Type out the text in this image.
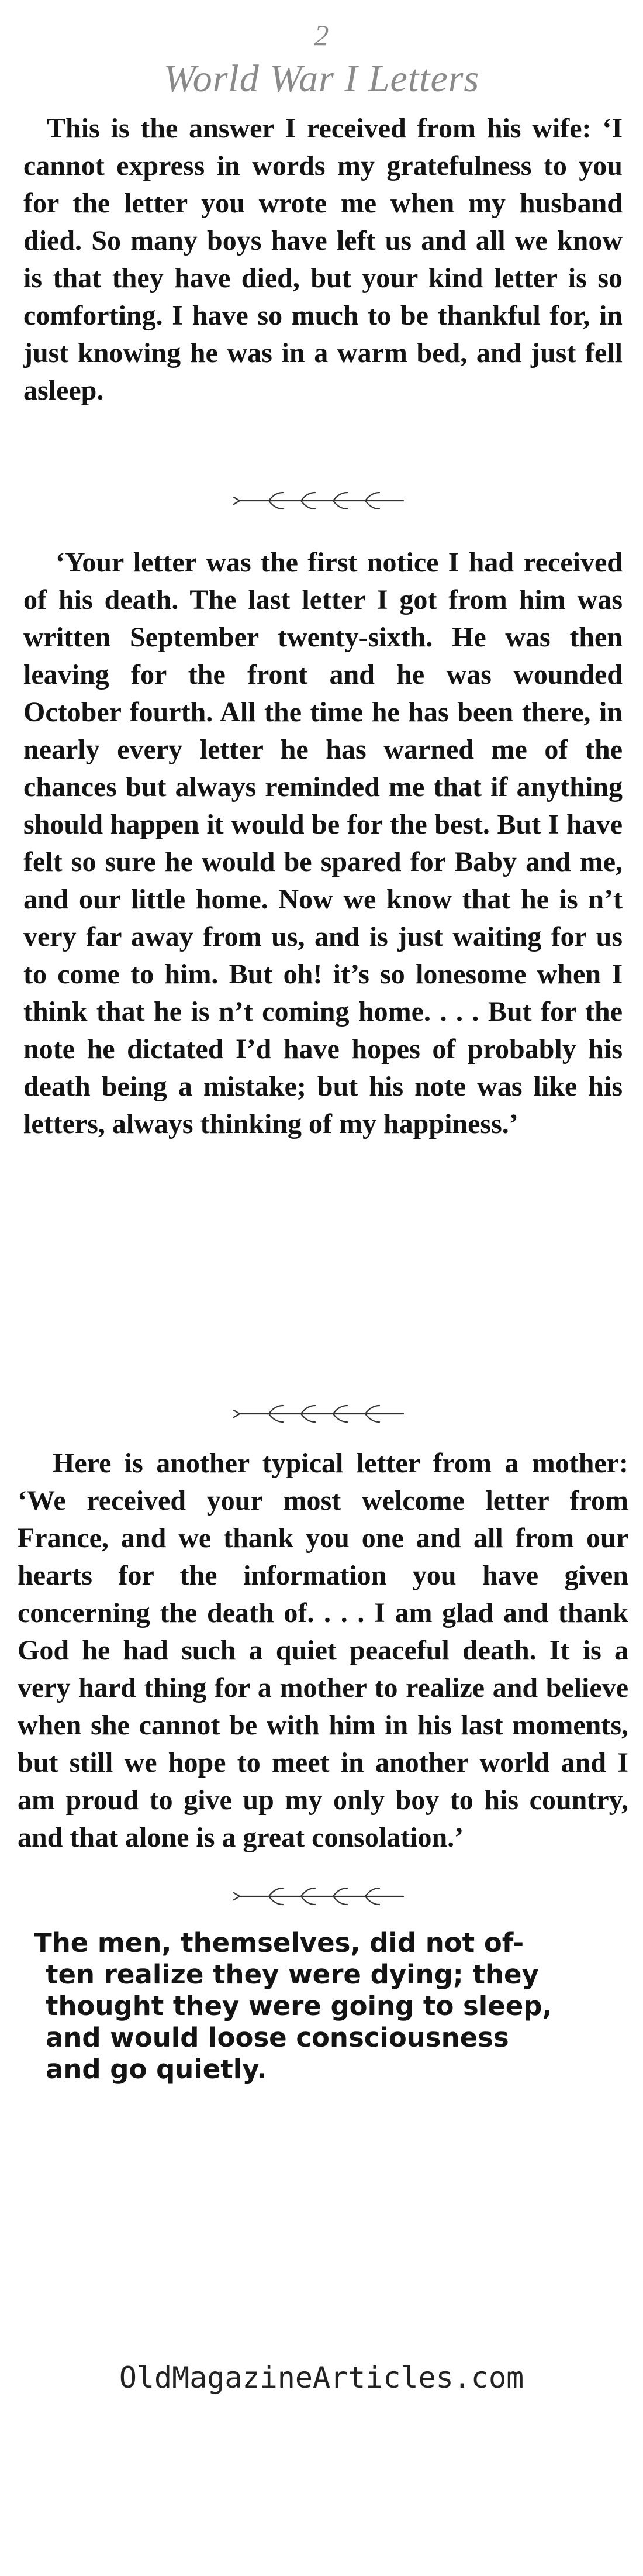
2
World War I Letters

This is the answer I received from his wife: ‘I cannot express in words my gratefulness to you for the letter you wrote me when my husband died. So many boys have left us and all we know is that they have died, but your kind letter is so comforting. I have so much to be thankful for, in just knowing he was in a warm bed, and just fell asleep.

‘Your letter was the first notice I had received of his death. The last letter I got from him was written September twenty-sixth. He was then leaving for the front and he was wounded October fourth. All the time he has been there, in nearly every letter he has warned me of the chances but always reminded me that if anything should happen it would be for the best. But I have felt so sure he would be spared for Baby and me, and our little home. Now we know that he is n’t very far away from us, and is just waiting for us to come to him. But oh! it’s so lonesome when I think that he is n’t coming home. . . . But for the note he dictated I’d have hopes of probably his death being a mistake; but his note was like his letters, always thinking of my happiness.’

Here is another typical letter from a mother: ‘We received your most welcome letter from France, and we thank you one and all from our hearts for the information you have given concerning the death of. . . . I am glad and thank God he had such a quiet peaceful death. It is a very hard thing for a mother to realize and believe when she cannot be with him in his last moments, but still we hope to meet in another world and I am proud to give up my only boy to his country, and that alone is a great consolation.’

The men, themselves, did not of-
ten realize they were dying; they
thought they were going to sleep,
and would loose consciousness
and go quietly.
OldMagazineArticles.com
